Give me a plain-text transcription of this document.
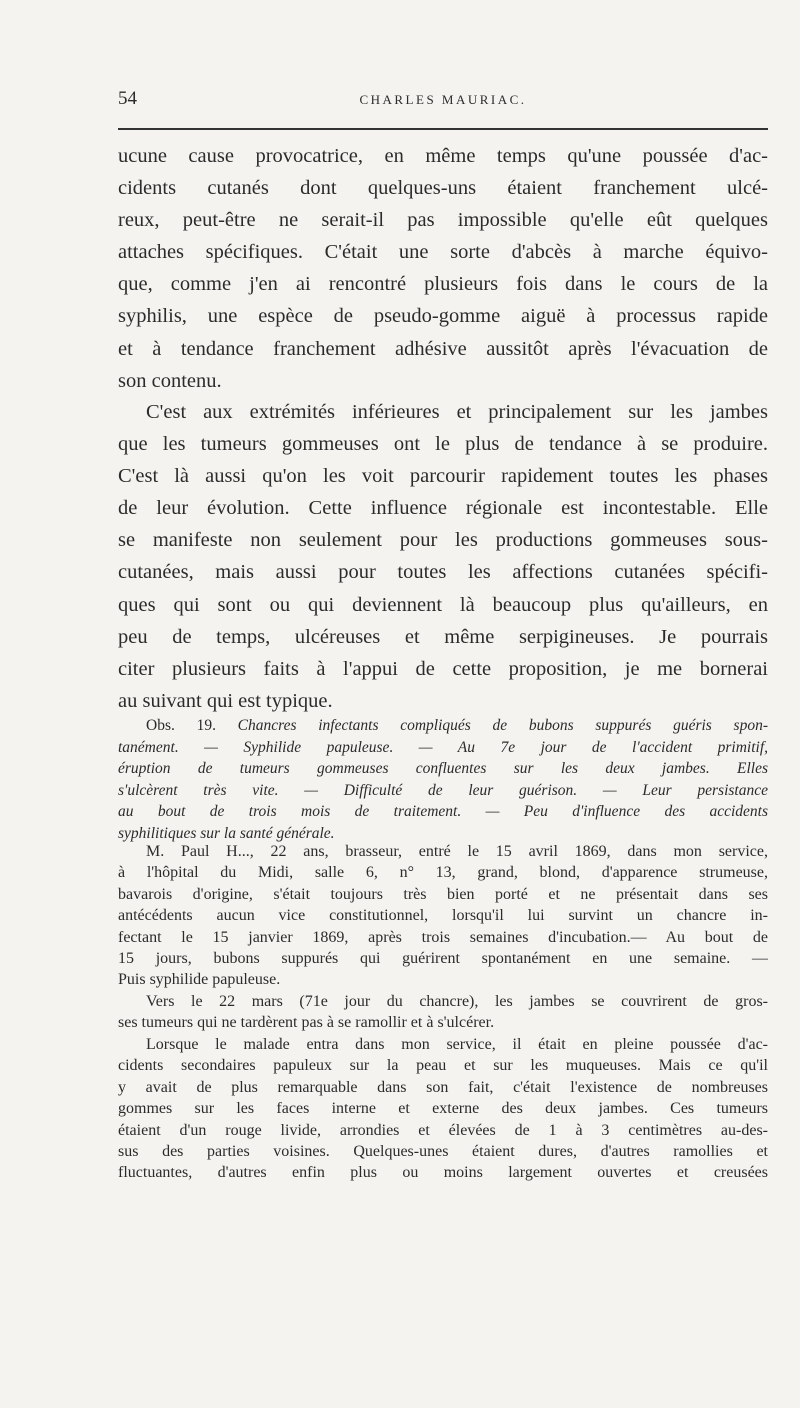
54	CHARLES MAURIAC.
ucune cause provocatrice, en même temps qu'une poussée d'ac-
cidents cutanés dont quelques-uns étaient franchement ulcé-
reux, peut-être ne serait-il pas impossible qu'elle eût quelques
attaches spécifiques. C'était une sorte d'abcès à marche équivo-
que, comme j'en ai rencontré plusieurs fois dans le cours de la
syphilis, une espèce de pseudo-gomme aiguë à processus rapide
et à tendance franchement adhésive aussitôt après l'évacuation de
son contenu.
C'est aux extrémités inférieures et principalement sur les jambes
que les tumeurs gommeuses ont le plus de tendance à se produire.
C'est là aussi qu'on les voit parcourir rapidement toutes les phases
de leur évolution. Cette influence régionale est incontestable. Elle
se manifeste non seulement pour les productions gommeuses sous-
cutanées, mais aussi pour toutes les affections cutanées spécifi-
ques qui sont ou qui deviennent là beaucoup plus qu'ailleurs, en
peu de temps, ulcéreuses et même serpigineuses. Je pourrais
citer plusieurs faits à l'appui de cette proposition, je me bornerai
au suivant qui est typique.
Obs. 19. Chancres infectants compliqués de bubons suppurés guéris spon-
tanément. — Syphilide papuleuse. — Au 7e jour de l'accident primitif,
éruption de tumeurs gommeuses confluentes sur les deux jambes. Elles
s'ulcèrent très vite. — Difficulté de leur guérison. — Leur persistance
au bout de trois mois de traitement. — Peu d'influence des accidents
syphilitiques sur la santé générale.
M. Paul H..., 22 ans, brasseur, entré le 15 avril 1869, dans mon service,
à l'hôpital du Midi, salle 6, n° 13, grand, blond, d'apparence strumeuse,
bavarois d'origine, s'était toujours très bien porté et ne présentait dans ses
antécédents aucun vice constitutionnel, lorsqu'il lui survint un chancre in-
fectant le 15 janvier 1869, après trois semaines d'incubation.— Au bout de
15 jours, bubons suppurés qui guérirent spontanément en une semaine. —
Puis syphilide papuleuse.
Vers le 22 mars (71e jour du chancre), les jambes se couvrirent de gros-
ses tumeurs qui ne tardèrent pas à se ramollir et à s'ulcérer.
Lorsque le malade entra dans mon service, il était en pleine poussée d'ac-
cidents secondaires papuleux sur la peau et sur les muqueuses. Mais ce qu'il
y avait de plus remarquable dans son fait, c'était l'existence de nombreuses
gommes sur les faces interne et externe des deux jambes. Ces tumeurs
étaient d'un rouge livide, arrondies et élevées de 1 à 3 centimètres au-des-
sus des parties voisines. Quelques-unes étaient dures, d'autres ramollies et
fluctuantes, d'autres enfin plus ou moins largement ouvertes et creusées
